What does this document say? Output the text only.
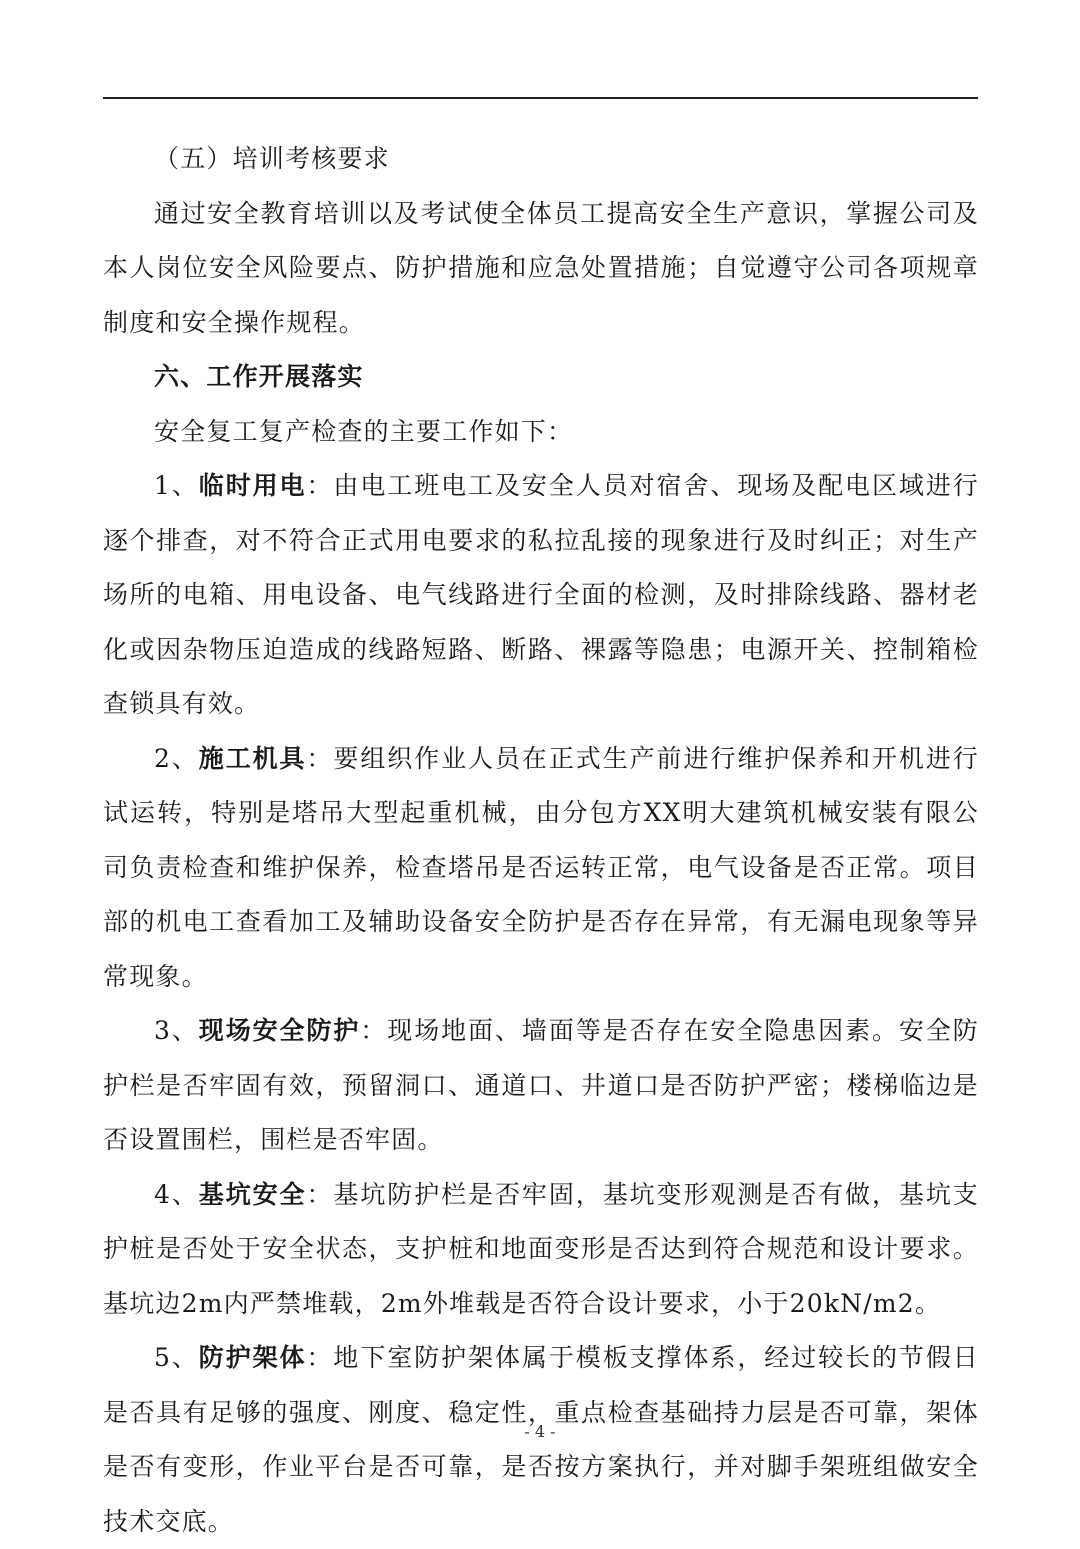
（五）培训考核要求

通过安全教育培训以及考试使全体员工提高安全生产意识，掌握公司及本人岗位安全风险要点、防护措施和应急处置措施；自觉遵守公司各项规章制度和安全操作规程。

六、工作开展落实

安全复工复产检查的主要工作如下：

1、临时用电：由电工班电工及安全人员对宿舍、现场及配电区域进行逐个排查，对不符合正式用电要求的私拉乱接的现象进行及时纠正；对生产场所的电箱、用电设备、电气线路进行全面的检测，及时排除线路、器材老化或因杂物压迫造成的线路短路、断路、裸露等隐患；电源开关、控制箱检查锁具有效。

2、施工机具：要组织作业人员在正式生产前进行维护保养和开机进行试运转，特别是塔吊大型起重机械，由分包方XX明大建筑机械安装有限公司负责检查和维护保养，检查塔吊是否运转正常，电气设备是否正常。项目部的机电工查看加工及辅助设备安全防护是否存在异常，有无漏电现象等异常现象。

3、现场安全防护：现场地面、墙面等是否存在安全隐患因素。安全防护栏是否牢固有效，预留洞口、通道口、井道口是否防护严密；楼梯临边是否设置围栏，围栏是否牢固。

4、基坑安全：基坑防护栏是否牢固，基坑变形观测是否有做，基坑支护桩是否处于安全状态，支护桩和地面变形是否达到符合规范和设计要求。基坑边2m内严禁堆载，2m外堆载是否符合设计要求，小于20kN/m2。

5、防护架体：地下室防护架体属于模板支撑体系，经过较长的节假日是否具有足够的强度、刚度、稳定性，重点检查基础持力层是否可靠，架体是否有变形，作业平台是否可靠，是否按方案执行，并对脚手架班组做安全技术交底。

- 4 -
